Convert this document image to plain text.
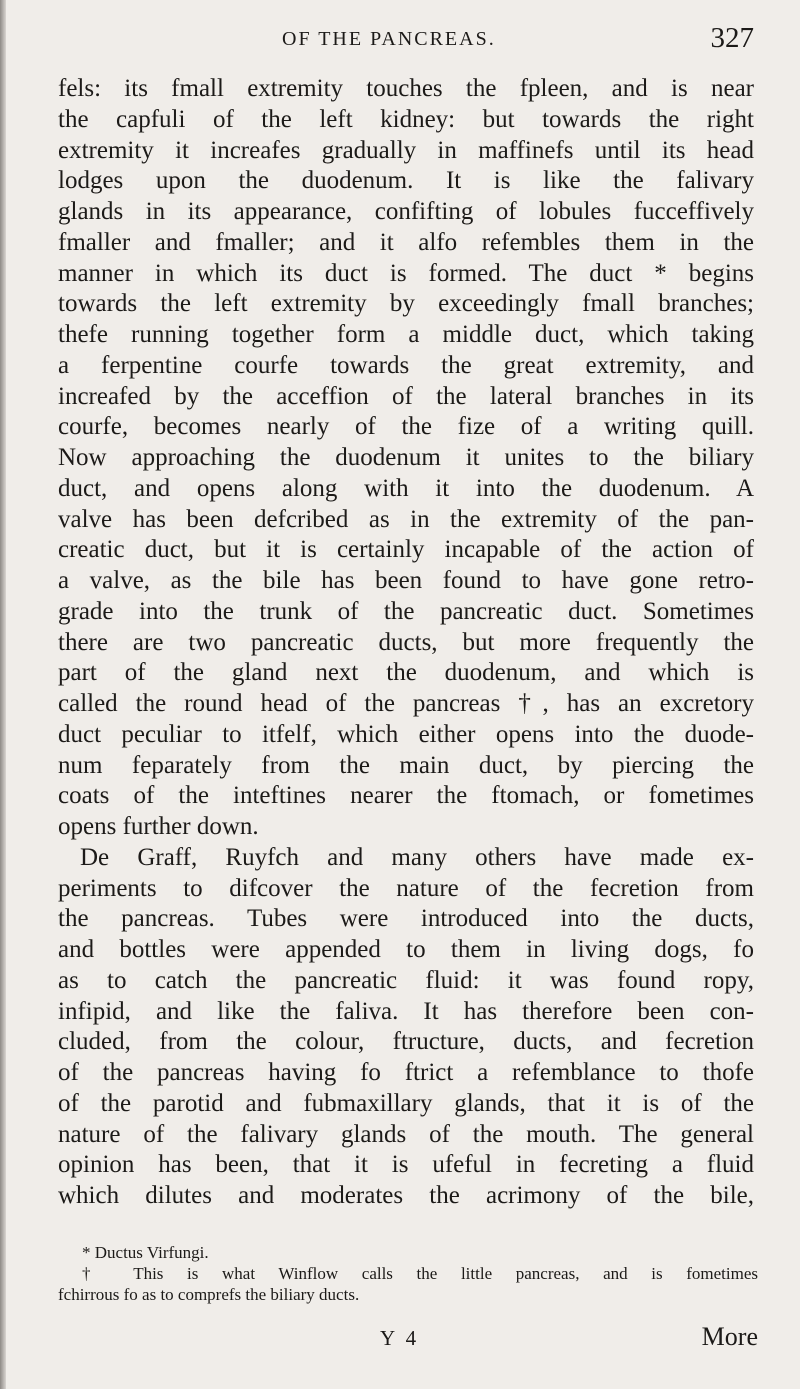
OF THE PANCREAS.	327
fels: its fmall extremity touches the fpleen, and is near
the capfuli of the left kidney: but towards the right
extremity it increafes gradually in maffinefs until its head
lodges upon the duodenum. It is like the falivary
glands in its appearance, confifting of lobules fucceffively
fmaller and fmaller; and it alfo refembles them in the
manner in which its duct is formed. The duct * begins
towards the left extremity by exceedingly fmall branches;
thefe running together form a middle duct, which taking
a ferpentine courfe towards the great extremity, and
increafed by the acceffion of the lateral branches in its
courfe, becomes nearly of the fize of a writing quill.
Now approaching the duodenum it unites to the biliary
duct, and opens along with it into the duodenum. A
valve has been defcribed as in the extremity of the pan-
creatic duct, but it is certainly incapable of the action of
a valve, as the bile has been found to have gone retro-
grade into the trunk of the pancreatic duct. Sometimes
there are two pancreatic ducts, but more frequently the
part of the gland next the duodenum, and which is
called the round head of the pancreas †, has an excretory
duct peculiar to itfelf, which either opens into the duode-
num feparately from the main duct, by piercing the
coats of the inteftines nearer the ftomach, or fometimes
opens further down.
De Graff, Ruyfch and many others have made ex-
periments to difcover the nature of the fecretion from
the pancreas. Tubes were introduced into the ducts,
and bottles were appended to them in living dogs, fo
as to catch the pancreatic fluid: it was found ropy,
infipid, and like the faliva. It has therefore been con-
cluded, from the colour, ftructure, ducts, and fecretion
of the pancreas having fo ftrict a refemblance to thofe
of the parotid and fubmaxillary glands, that it is of the
nature of the falivary glands of the mouth. The general
opinion has been, that it is ufeful in fecreting a fluid
which dilutes and moderates the acrimony of the bile,
* Ductus Virfungi.
† This is what Winflow calls the little pancreas, and is fometimes
fchirrous fo as to comprefs the biliary ducts.
Y 4	More
